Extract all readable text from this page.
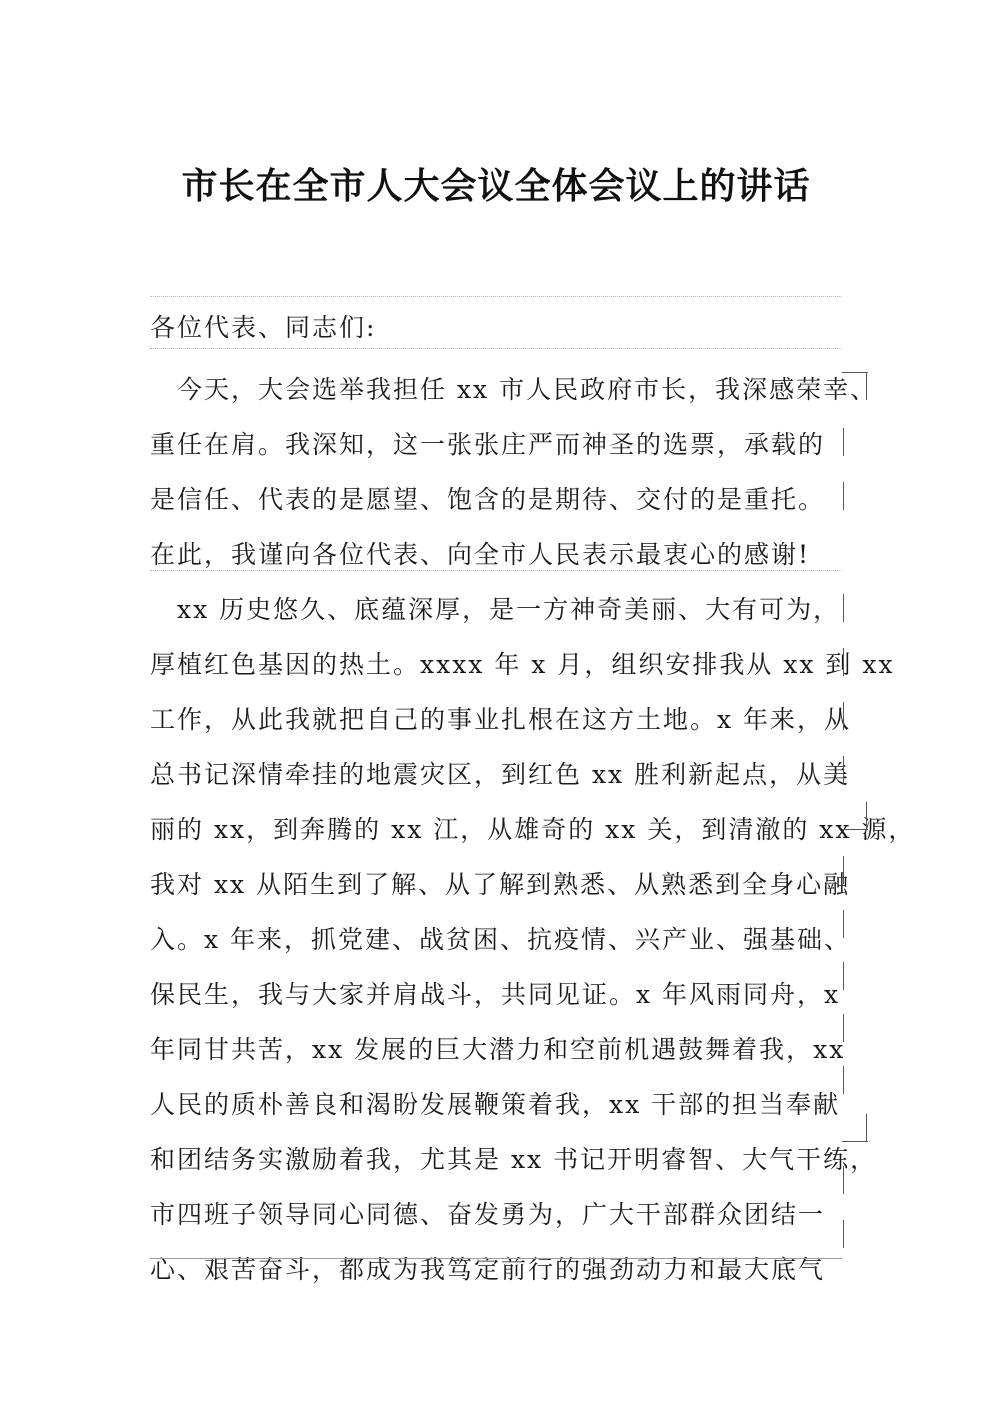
市长在全市人大会议全体会议上的讲话
各位代表、同志们:
　今天，大会选举我担任 xx 市人民政府市长，我深感荣幸、
重任在肩。我深知，这一张张庄严而神圣的选票，承载的
是信任、代表的是愿望、饱含的是期待、交付的是重托。
在此，我谨向各位代表、向全市人民表示最衷心的感谢!
　xx 历史悠久、底蕴深厚，是一方神奇美丽、大有可为，
厚植红色基因的热土。xxxx 年 x 月，组织安排我从 xx 到 xx
工作，从此我就把自己的事业扎根在这方土地。x 年来，从
总书记深情牵挂的地震灾区，到红色 xx 胜利新起点，从美
丽的 xx，到奔腾的 xx 江，从雄奇的 xx 关，到清澈的 xx 源，
我对 xx 从陌生到了解、从了解到熟悉、从熟悉到全身心融
入。x 年来，抓党建、战贫困、抗疫情、兴产业、强基础、
保民生，我与大家并肩战斗，共同见证。x 年风雨同舟，x
年同甘共苦，xx 发展的巨大潜力和空前机遇鼓舞着我，xx
人民的质朴善良和渴盼发展鞭策着我，xx 干部的担当奉献
和团结务实激励着我，尤其是 xx 书记开明睿智、大气干练，
市四班子领导同心同德、奋发勇为，广大干部群众团结一
心、艰苦奋斗，都成为我笃定前行的强劲动力和最大底气
